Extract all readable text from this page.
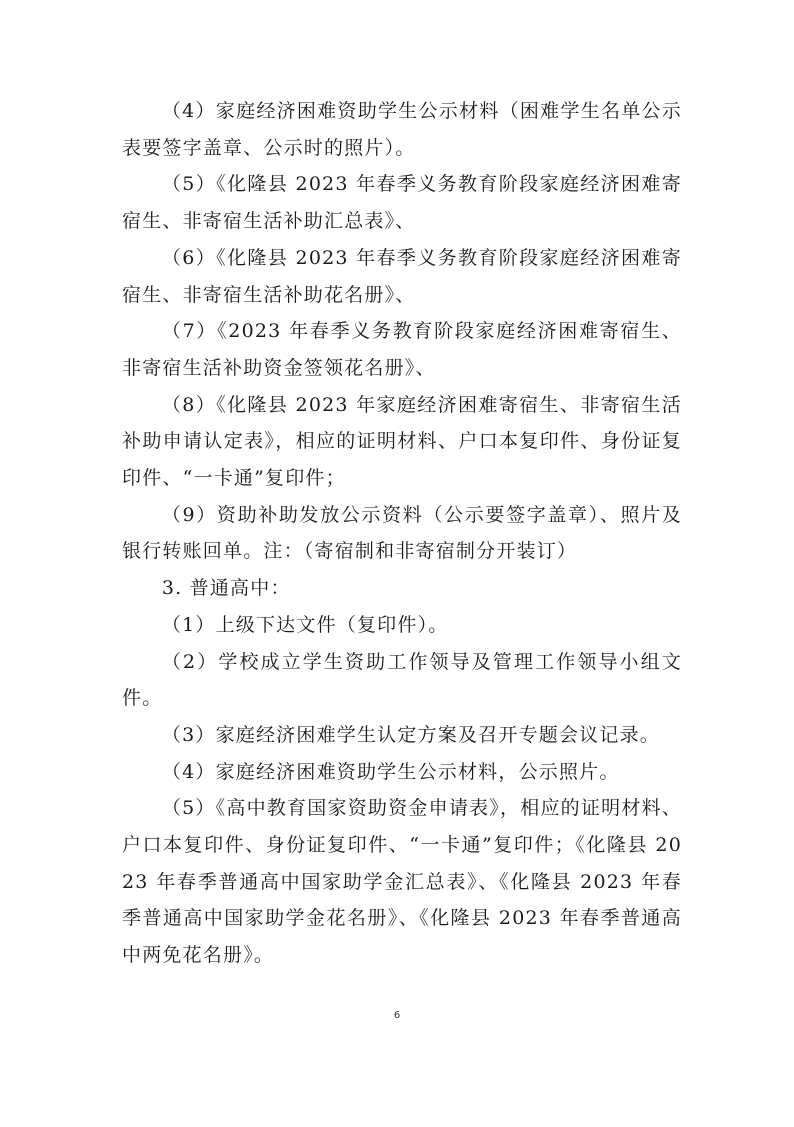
（4）家庭经济困难资助学生公示材料（困难学生名单公示表要签字盖章、公示时的照片）。

（5）《化隆县 2023 年春季义务教育阶段家庭经济困难寄宿生、非寄宿生活补助汇总表》、

（6）《化隆县 2023 年春季义务教育阶段家庭经济困难寄宿生、非寄宿生活补助花名册》、

（7）《2023 年春季义务教育阶段家庭经济困难寄宿生、非寄宿生活补助资金签领花名册》、

（8）《化隆县 2023 年家庭经济困难寄宿生、非寄宿生活补助申请认定表》，相应的证明材料、户口本复印件、身份证复印件、“一卡通”复印件；

（9）资助补助发放公示资料（公示要签字盖章）、照片及银行转账回单。注：（寄宿制和非寄宿制分开装订）

3. 普通高中：

（1）上级下达文件（复印件）。

（2）学校成立学生资助工作领导及管理工作领导小组文件。

（3）家庭经济困难学生认定方案及召开专题会议记录。

（4）家庭经济困难资助学生公示材料，公示照片。

（5）《高中教育国家资助资金申请表》，相应的证明材料、户口本复印件、身份证复印件、“一卡通”复印件；《化隆县 2023 年春季普通高中国家助学金汇总表》、《化隆县 2023 年春季普通高中国家助学金花名册》、《化隆县 2023 年春季普通高中两免花名册》。

6
